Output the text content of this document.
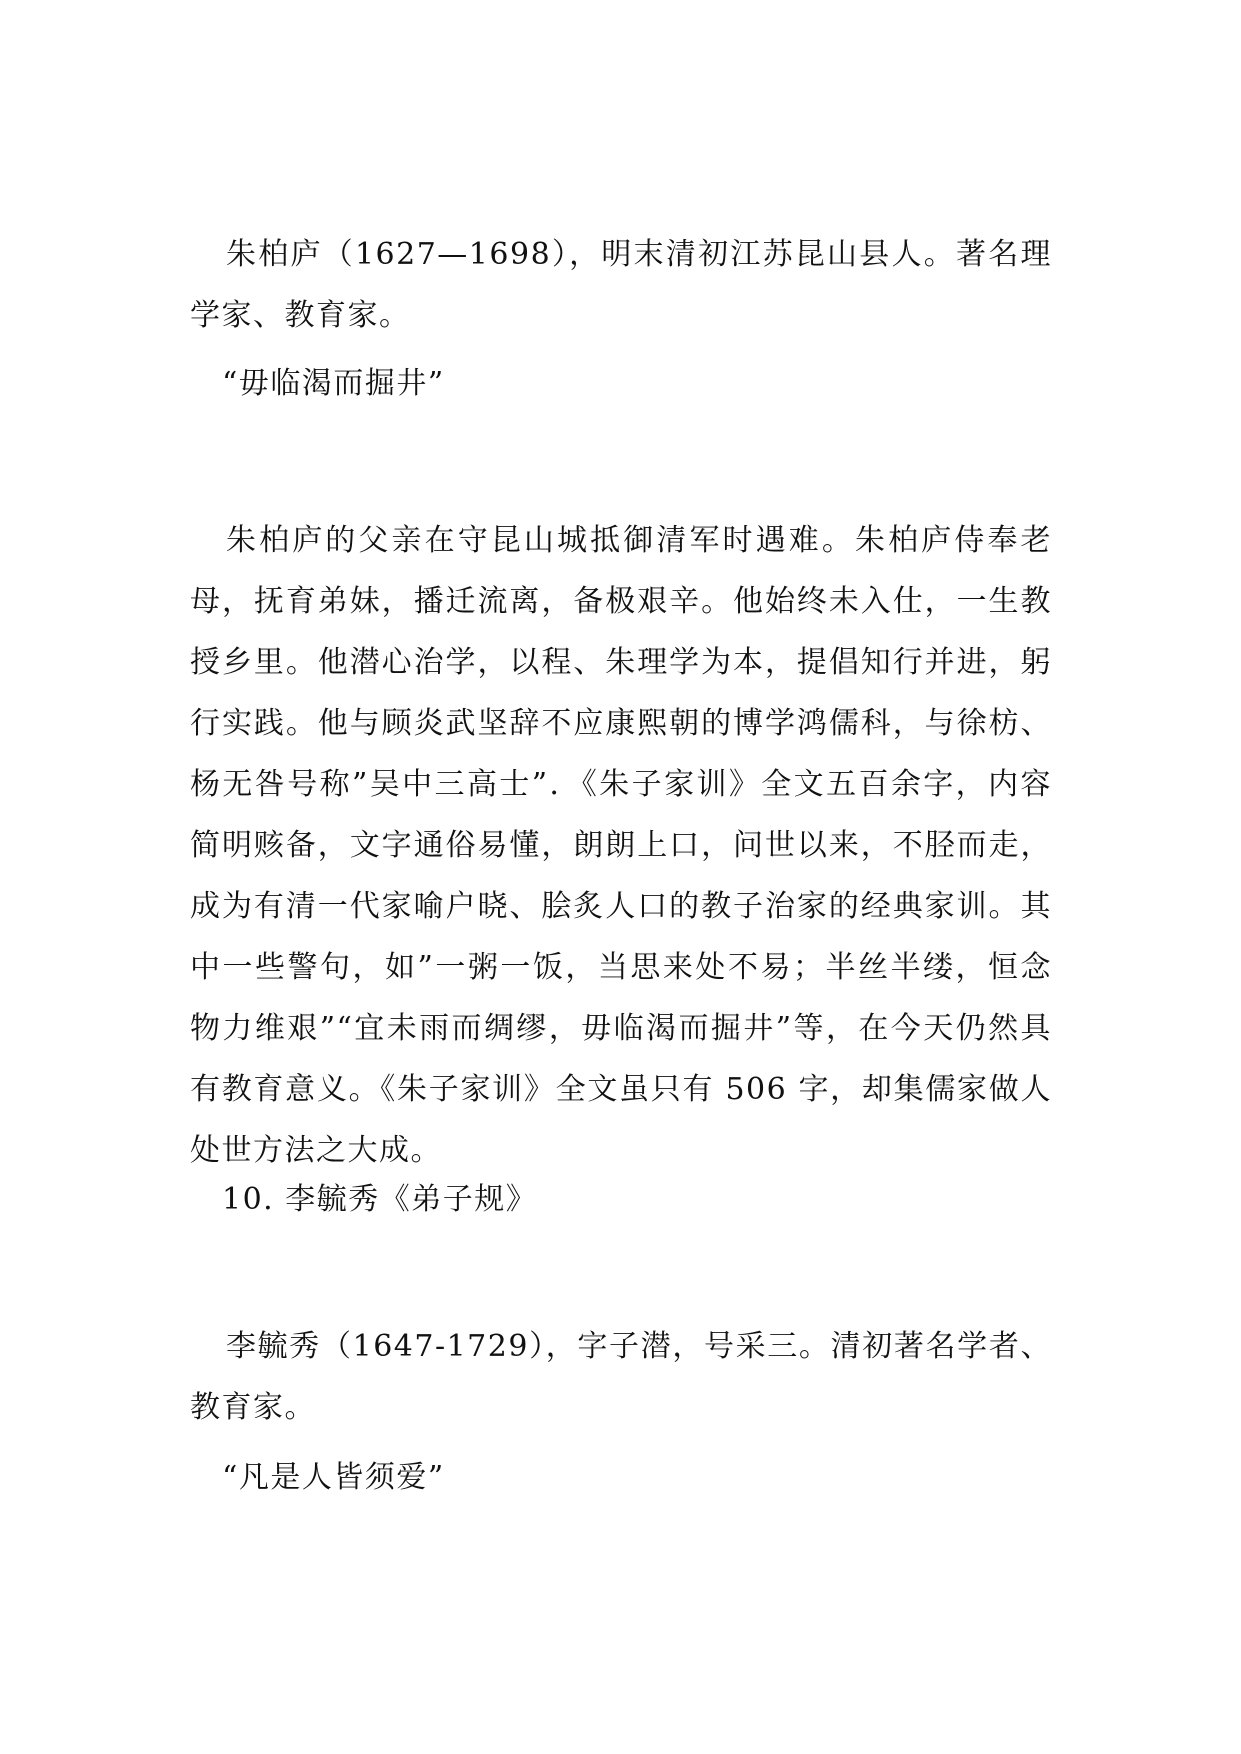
朱柏庐（1627—1698），明末清初江苏昆山县人。著名理学家、教育家。

“毋临渴而掘井”

朱柏庐的父亲在守昆山城抵御清军时遇难。朱柏庐侍奉老母，抚育弟妹，播迁流离，备极艰辛。他始终未入仕，一生教授乡里。他潜心治学，以程、朱理学为本，提倡知行并进，躬行实践。他与顾炎武坚辞不应康熙朝的博学鸿儒科，与徐枋、杨无咎号称”吴中三高士”．《朱子家训》全文五百余字，内容简明赅备，文字通俗易懂，朗朗上口，问世以来，不胫而走，成为有清一代家喻户晓、脍炙人口的教子治家的经典家训。其中一些警句，如”一粥一饭，当思来处不易；半丝半缕，恒念物力维艰”“宜未雨而绸缪，毋临渴而掘井”等，在今天仍然具有教育意义。《朱子家训》全文虽只有 506 字，却集儒家做人处世方法之大成。

10. 李毓秀《弟子规》

李毓秀（1647-1729），字子潜，号采三。清初著名学者、教育家。

“凡是人皆须爱”
